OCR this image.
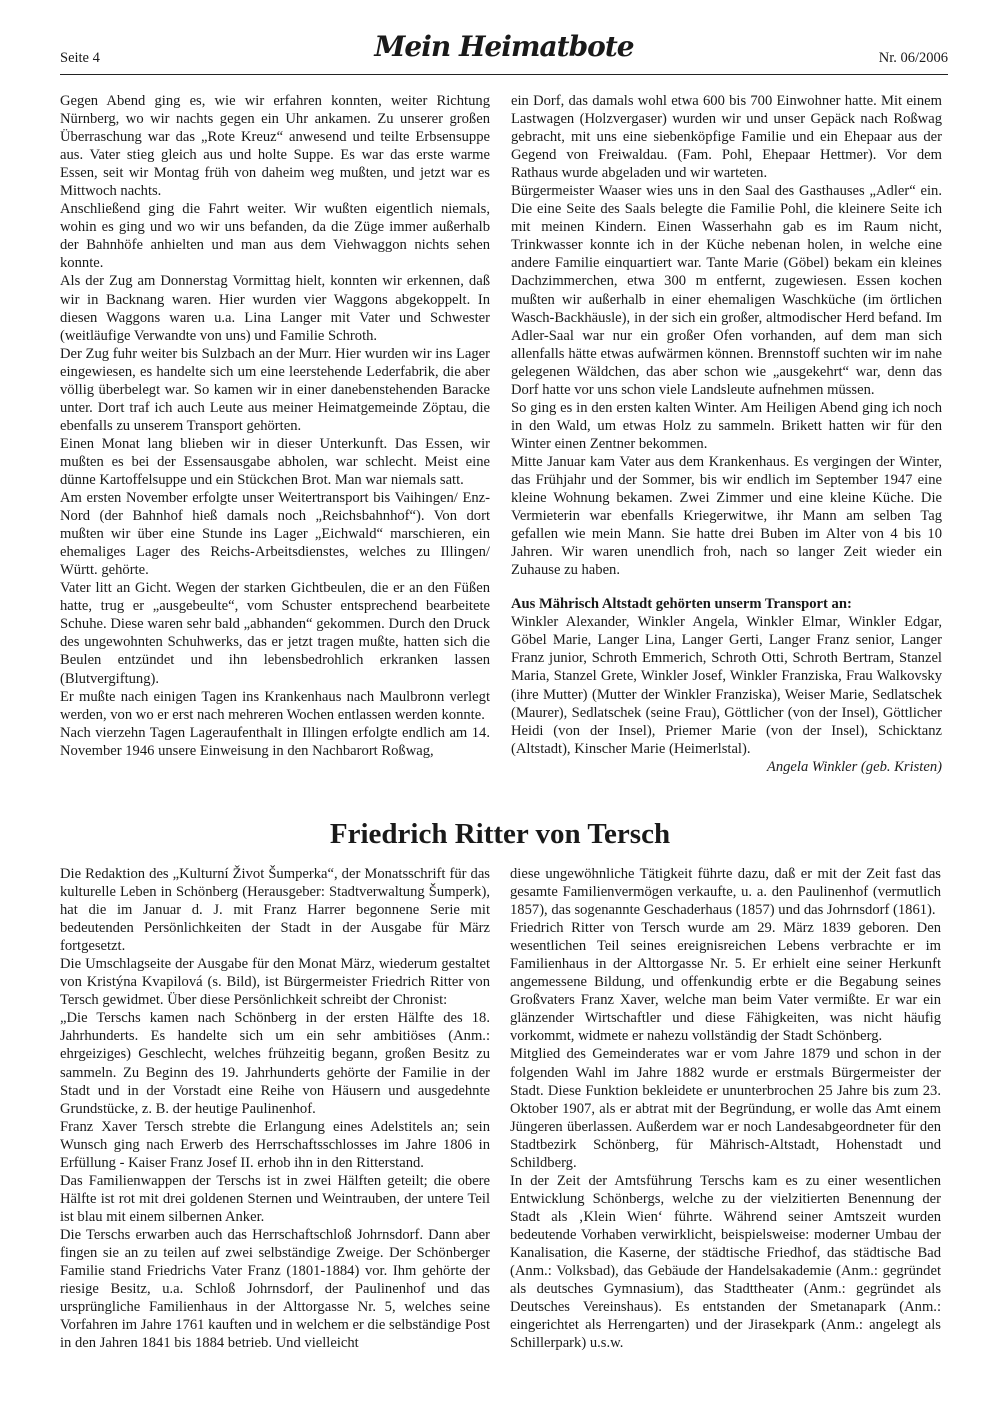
Seite 4	Mein Heimatbote	Nr. 06/2006

Gegen Abend ging es, wie wir erfahren konnten, weiter Richtung Nürnberg, wo wir nachts gegen ein Uhr ankamen. Zu unserer großen Überraschung war das „Rote Kreuz“ anwesend und teilte Erbsensuppe aus. Vater stieg gleich aus und holte Suppe. Es war das erste warme Essen, seit wir Montag früh von daheim weg mußten, und jetzt war es Mittwoch nachts.

Anschließend ging die Fahrt weiter. Wir wußten eigentlich niemals, wohin es ging und wo wir uns befanden, da die Züge immer außerhalb der Bahnhöfe anhielten und man aus dem Viehwaggon nichts sehen konnte.

Als der Zug am Donnerstag Vormittag hielt, konnten wir erkennen, daß wir in Backnang waren. Hier wurden vier Waggons abgekoppelt. In diesen Waggons waren u.a. Lina Langer mit Vater und Schwester (weitläufige Verwandte von uns) und Familie Schroth.

Der Zug fuhr weiter bis Sulzbach an der Murr. Hier wurden wir ins Lager eingewiesen, es handelte sich um eine leerstehende Lederfabrik, die aber völlig überbelegt war. So kamen wir in einer danebenstehenden Baracke unter. Dort traf ich auch Leute aus meiner Heimatgemeinde Zöptau, die ebenfalls zu unserem Transport gehörten.

Einen Monat lang blieben wir in dieser Unterkunft. Das Essen, wir mußten es bei der Essensausgabe abholen, war schlecht. Meist eine dünne Kartoffelsuppe und ein Stückchen Brot. Man war niemals satt.

Am ersten November erfolgte unser Weitertransport bis Vaihingen/ Enz-Nord (der Bahnhof hieß damals noch „Reichsbahnhof“). Von dort mußten wir über eine Stunde ins Lager „Eichwald“ marschieren, ein ehemaliges Lager des Reichs-Arbeitsdienstes, welches zu Illingen/ Württ. gehörte.

Vater litt an Gicht. Wegen der starken Gichtbeulen, die er an den Füßen hatte, trug er „ausgebeulte“, vom Schuster entsprechend bearbeitete Schuhe. Diese waren sehr bald „abhanden“ gekommen. Durch den Druck des ungewohnten Schuhwerks, das er jetzt tragen mußte, hatten sich die Beulen entzündet und ihn lebensbedrohlich erkranken lassen (Blutvergiftung).

Er mußte nach einigen Tagen ins Krankenhaus nach Maulbronn verlegt werden, von wo er erst nach mehreren Wochen entlassen werden konnte.

Nach vierzehn Tagen Lageraufenthalt in Illingen erfolgte endlich am 14. November 1946 unsere Einweisung in den Nachbarort Roßwag,

ein Dorf, das damals wohl etwa 600 bis 700 Einwohner hatte. Mit einem Lastwagen (Holzvergaser) wurden wir und unser Gepäck nach Roßwag gebracht, mit uns eine siebenköpfige Familie und ein Ehepaar aus der Gegend von Freiwaldau. (Fam. Pohl, Ehepaar Hettmer). Vor dem Rathaus wurde abgeladen und wir warteten.

Bürgermeister Waaser wies uns in den Saal des Gasthauses „Adler“ ein. Die eine Seite des Saals belegte die Familie Pohl, die kleinere Seite ich mit meinen Kindern. Einen Wasserhahn gab es im Raum nicht, Trinkwasser konnte ich in der Küche nebenan holen, in welche eine andere Familie einquartiert war. Tante Marie (Göbel) bekam ein kleines Dachzimmerchen, etwa 300 m entfernt, zugewiesen. Essen kochen mußten wir außerhalb in einer ehemaligen Waschküche (im örtlichen Wasch-Backhäusle), in der sich ein großer, altmodischer Herd befand. Im Adler-Saal war nur ein großer Ofen vorhanden, auf dem man sich allenfalls hätte etwas aufwärmen können. Brennstoff suchten wir im nahe gelegenen Wäldchen, das aber schon wie „ausgekehrt“ war, denn das Dorf hatte vor uns schon viele Landsleute aufnehmen müssen.

So ging es in den ersten kalten Winter. Am Heiligen Abend ging ich noch in den Wald, um etwas Holz zu sammeln. Brikett hatten wir für den Winter einen Zentner bekommen.

Mitte Januar kam Vater aus dem Krankenhaus. Es vergingen der Winter, das Frühjahr und der Sommer, bis wir endlich im September 1947 eine kleine Wohnung bekamen. Zwei Zimmer und eine kleine Küche. Die Vermieterin war ebenfalls Kriegerwitwe, ihr Mann am selben Tag gefallen wie mein Mann. Sie hatte drei Buben im Alter von 4 bis 10 Jahren. Wir waren unendlich froh, nach so langer Zeit wieder ein Zuhause zu haben.

Aus Mährisch Altstadt gehörten unserm Transport an:

Winkler Alexander, Winkler Angela, Winkler Elmar, Winkler Edgar, Göbel Marie, Langer Lina, Langer Gerti, Langer Franz senior, Langer Franz junior, Schroth Emmerich, Schroth Otti, Schroth Bertram, Stanzel Maria, Stanzel Grete, Winkler Josef, Winkler Franziska, Frau Walkovsky (ihre Mutter) (Mutter der Winkler Franziska), Weiser Marie, Sedlatschek (Maurer), Sedlatschek (seine Frau), Göttlicher (von der Insel), Göttlicher Heidi (von der Insel), Priemer Marie (von der Insel), Schicktanz (Altstadt), Kinscher Marie (Heimerlstal).

Angela Winkler (geb. Kristen)

Friedrich Ritter von Tersch

Die Redaktion des „Kulturní Život Šumperka“, der Monatsschrift für das kulturelle Leben in Schönberg (Herausgeber: Stadtverwaltung Šumperk), hat die im Januar d. J. mit Franz Harrer begonnene Serie mit bedeutenden Persönlichkeiten der Stadt in der Ausgabe für März fortgesetzt.

Die Umschlagseite der Ausgabe für den Monat März, wiederum gestaltet von Kristýna Kvapilová (s. Bild), ist Bürgermeister Friedrich Ritter von Tersch gewidmet. Über diese Persönlichkeit schreibt der Chronist:

„Die Terschs kamen nach Schönberg in der ersten Hälfte des 18. Jahrhunderts. Es handelte sich um ein sehr ambitiöses (Anm.: ehrgeiziges) Geschlecht, welches frühzeitig begann, großen Besitz zu sammeln. Zu Beginn des 19. Jahrhunderts gehörte der Familie in der Stadt und in der Vorstadt eine Reihe von Häusern und ausgedehnte Grundstücke, z. B. der heutige Paulinenhof.

Franz Xaver Tersch strebte die Erlangung eines Adelstitels an; sein Wunsch ging nach Erwerb des Herrschaftsschlosses im Jahre 1806 in Erfüllung - Kaiser Franz Josef II. erhob ihn in den Ritterstand.

Das Familienwappen der Terschs ist in zwei Hälften geteilt; die obere Hälfte ist rot mit drei goldenen Sternen und Weintrauben, der untere Teil ist blau mit einem silbernen Anker.

Die Terschs erwarben auch das Herrschaftschloß Johrnsdorf. Dann aber fingen sie an zu teilen auf zwei selbständige Zweige. Der Schönberger Familie stand Friedrichs Vater Franz (1801-1884) vor. Ihm gehörte der riesige Besitz, u.a. Schloß Johrnsdorf, der Paulinenhof und das ursprüngliche Familienhaus in der Alttorgasse Nr. 5, welches seine Vorfahren im Jahre 1761 kauften und in welchem er die selbständige Post in den Jahren 1841 bis 1884 betrieb. Und vielleicht

diese ungewöhnliche Tätigkeit führte dazu, daß er mit der Zeit fast das gesamte Familienvermögen verkaufte, u. a. den Paulinenhof (vermutlich 1857), das sogenannte Geschaderhaus (1857) und das Johrnsdorf (1861).

Friedrich Ritter von Tersch wurde am 29. März 1839 geboren. Den wesentlichen Teil seines ereignisreichen Lebens verbrachte er im Familienhaus in der Alttorgasse Nr. 5. Er erhielt eine seiner Herkunft angemessene Bildung, und offenkundig erbte er die Begabung seines Großvaters Franz Xaver, welche man beim Vater vermißte. Er war ein glänzender Wirtschaftler und diese Fähigkeiten, was nicht häufig vorkommt, widmete er nahezu vollständig der Stadt Schönberg.

Mitglied des Gemeinderates war er vom Jahre 1879 und schon in der folgenden Wahl im Jahre 1882 wurde er erstmals Bürgermeister der Stadt. Diese Funktion bekleidete er ununterbrochen 25 Jahre bis zum 23. Oktober 1907, als er abtrat mit der Begründung, er wolle das Amt einem Jüngeren überlassen. Außerdem war er noch Landesabgeordneter für den Stadtbezirk Schönberg, für Mährisch-Altstadt, Hohenstadt und Schildberg.

In der Zeit der Amtsführung Terschs kam es zu einer wesentlichen Entwicklung Schönbergs, welche zu der vielzitierten Benennung der Stadt als ‚Klein Wien‘ führte. Während seiner Amtszeit wurden bedeutende Vorhaben verwirklicht, beispielsweise: moderner Umbau der Kanalisation, die Kaserne, der städtische Friedhof, das städtische Bad (Anm.: Volksbad), das Gebäude der Handelsakademie (Anm.: gegründet als deutsches Gymnasium), das Stadttheater (Anm.: gegründet als Deutsches Vereinshaus). Es entstanden der Smetanapark (Anm.: eingerichtet als Herrengarten) und der Jirasekpark (Anm.: angelegt als Schillerpark) u.s.w.
